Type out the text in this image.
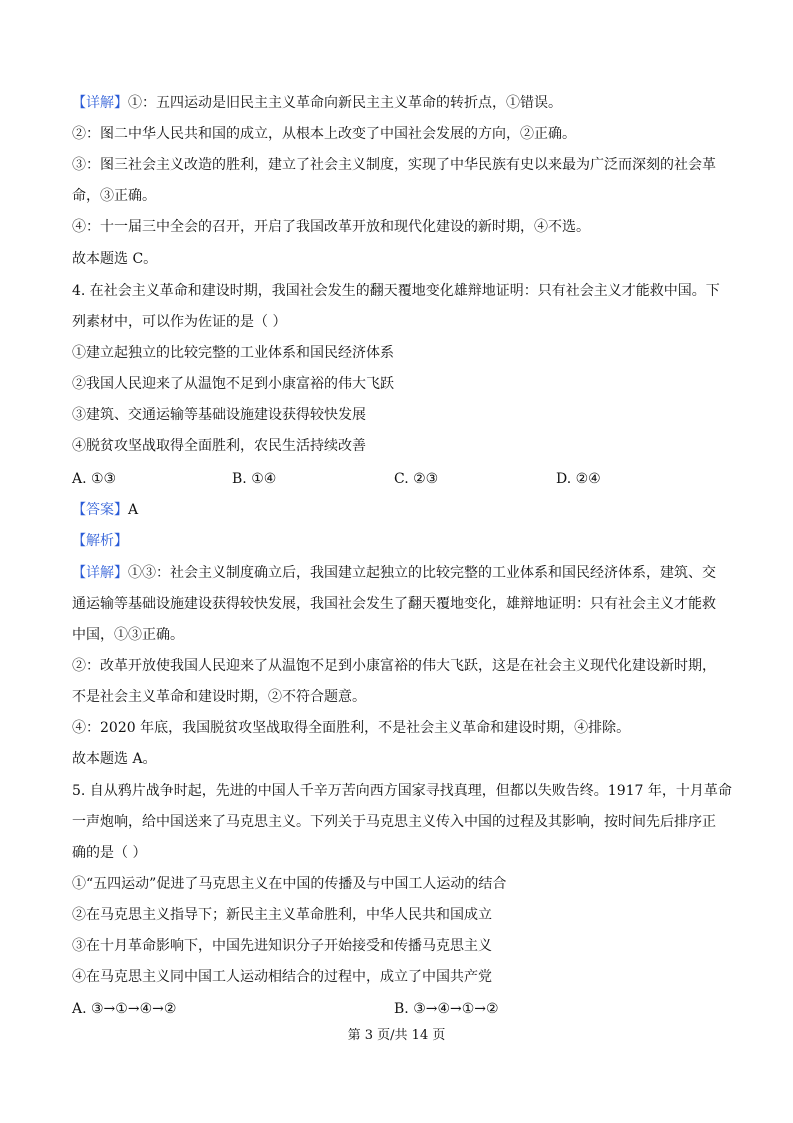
【详解】①：五四运动是旧民主主义革命向新民主主义革命的转折点，①错误。
②：图二中华人民共和国的成立，从根本上改变了中国社会发展的方向，②正确。
③：图三社会主义改造的胜利，建立了社会主义制度，实现了中华民族有史以来最为广泛而深刻的社会革
命，③正确。
④：十一届三中全会的召开，开启了我国改革开放和现代化建设的新时期，④不选。
故本题选 C。
4. 在社会主义革命和建设时期，我国社会发生的翻天覆地变化雄辩地证明：只有社会主义才能救中国。下
列素材中，可以作为佐证的是（ ）
①建立起独立的比较完整的工业体系和国民经济体系
②我国人民迎来了从温饱不足到小康富裕的伟大飞跃
③建筑、交通运输等基础设施建设获得较快发展
④脱贫攻坚战取得全面胜利，农民生活持续改善
A. ①③	B. ①④	C. ②③	D. ②④
【答案】A
【解析】
【详解】①③：社会主义制度确立后，我国建立起独立的比较完整的工业体系和国民经济体系，建筑、交
通运输等基础设施建设获得较快发展，我国社会发生了翻天覆地变化，雄辩地证明：只有社会主义才能救
中国，①③正确。
②：改革开放使我国人民迎来了从温饱不足到小康富裕的伟大飞跃，这是在社会主义现代化建设新时期，
不是社会主义革命和建设时期，②不符合题意。
④：2020 年底，我国脱贫攻坚战取得全面胜利，不是社会主义革命和建设时期，④排除。
故本题选 A。
5. 自从鸦片战争时起，先进的中国人千辛万苦向西方国家寻找真理，但都以失败告终。1917 年，十月革命
一声炮响，给中国送来了马克思主义。下列关于马克思主义传入中国的过程及其影响，按时间先后排序正
确的是（ ）
①“五四运动”促进了马克思主义在中国的传播及与中国工人运动的结合
②在马克思主义指导下；新民主主义革命胜利，中华人民共和国成立
③在十月革命影响下，中国先进知识分子开始接受和传播马克思主义
④在马克思主义同中国工人运动相结合的过程中，成立了中国共产党
A. ③→①→④→②	B. ③→④→①→②
第 3 页/共 14 页
